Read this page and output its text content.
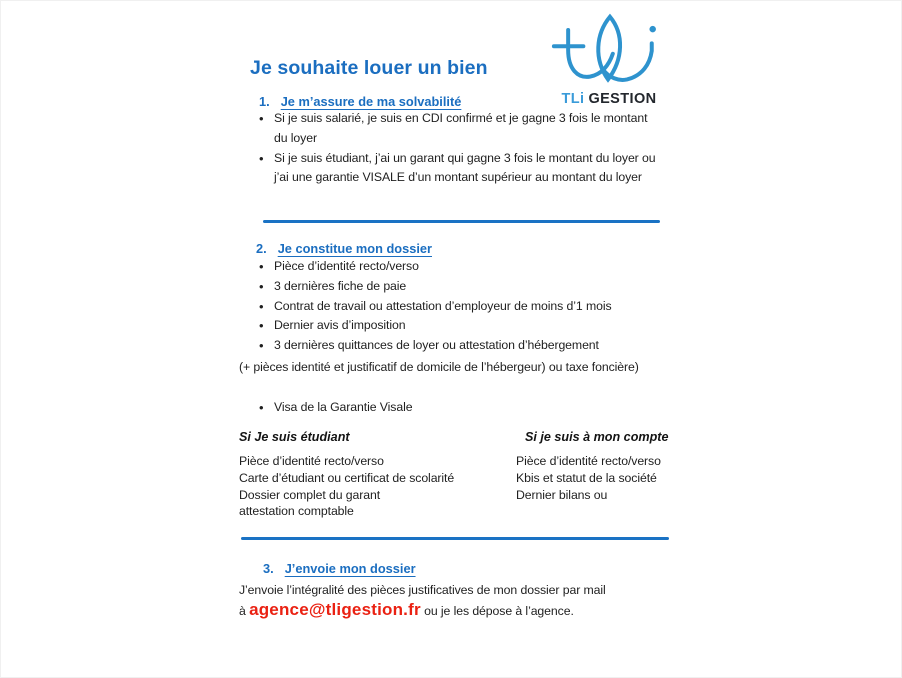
Je souhaite louer un bien
TLi GESTION
1. Je m’assure de ma solvabilité
• Si je suis salarié, je suis en CDI confirmé et je gagne 3 fois le montant du loyer
• Si je suis étudiant, j’ai un garant qui gagne 3 fois le montant du loyer ou j’ai une garantie VISALE d’un montant supérieur au montant du loyer
2. Je constitue mon dossier
• Pièce d’identité recto/verso
• 3 dernières fiche de paie
• Contrat de travail ou attestation d’employeur de moins d’1 mois
• Dernier avis d’imposition
• 3 dernières quittances de loyer ou attestation d’hébergement
(+ pièces identité et justificatif de domicile de l’hébergeur) ou taxe foncière)
• Visa de la Garantie Visale
Si Je suis étudiant	Si je suis à mon compte
Pièce d’identité recto/verso
Carte d’étudiant ou certificat de scolarité
Dossier complet du garant
attestation comptable
Pièce d’identité recto/verso
Kbis et statut de la société
Dernier bilans ou
3. J’envoie mon dossier
J’envoie l’intégralité des pièces justificatives de mon dossier par mail
à agence@tligestion.fr ou je les dépose à l’agence.
